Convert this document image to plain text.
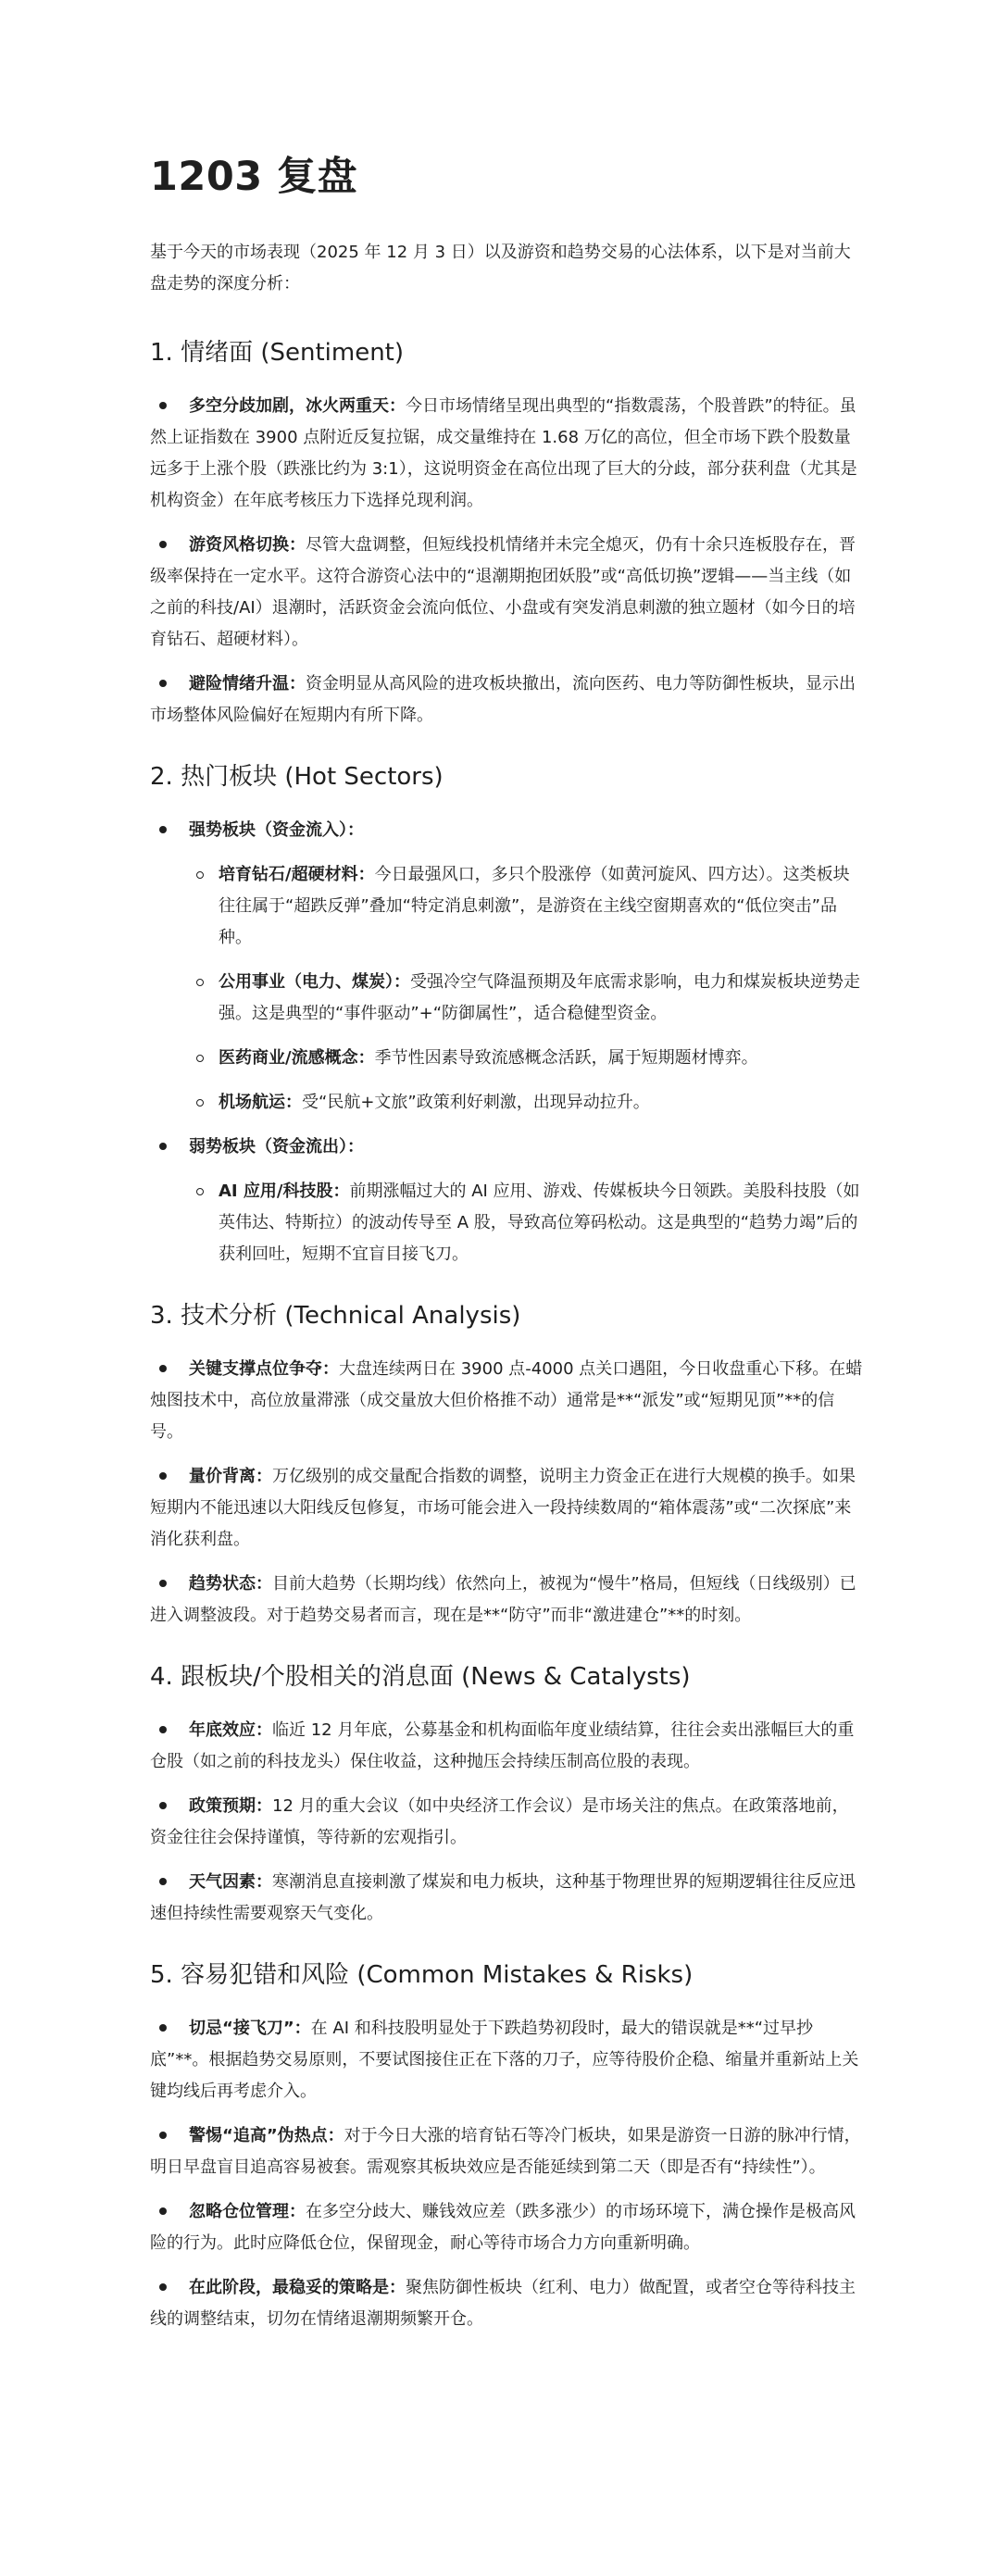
1203 复盘

基于今天的市场表现（2025 年 12 月 3 日）以及游资和趋势交易的心法体系，以下是对当前大盘走势的深度分析：

1. 情绪面 (Sentiment)
多空分歧加剧，冰火两重天：今日市场情绪呈现出典型的“指数震荡，个股普跌”的特征。虽然上证指数在 3900 点附近反复拉锯，成交量维持在 1.68 万亿的高位，但全市场下跌个股数量远多于上涨个股（跌涨比约为 3:1），这说明资金在高位出现了巨大的分歧，部分获利盘（尤其是机构资金）在年底考核压力下选择兑现利润。
游资风格切换：尽管大盘调整，但短线投机情绪并未完全熄灭，仍有十余只连板股存在，晋级率保持在一定水平。这符合游资心法中的“退潮期抱团妖股”或“高低切换”逻辑——当主线（如之前的科技/AI）退潮时，活跃资金会流向低位、小盘或有突发消息刺激的独立题材（如今日的培育钻石、超硬材料）。
避险情绪升温：资金明显从高风险的进攻板块撤出，流向医药、电力等防御性板块，显示出市场整体风险偏好在短期内有所下降。
2. 热门板块 (Hot Sectors)
强势板块（资金流入）：
培育钻石/超硬材料：今日最强风口，多只个股涨停（如黄河旋风、四方达）。这类板块往往属于“超跌反弹”叠加“特定消息刺激”，是游资在主线空窗期喜欢的“低位突击”品种。
公用事业（电力、煤炭）：受强冷空气降温预期及年底需求影响，电力和煤炭板块逆势走强。这是典型的“事件驱动”+“防御属性”，适合稳健型资金。
医药商业/流感概念：季节性因素导致流感概念活跃，属于短期题材博弈。
机场航运：受“民航+文旅”政策利好刺激，出现异动拉升。
弱势板块（资金流出）：
AI 应用/科技股：前期涨幅过大的 AI 应用、游戏、传媒板块今日领跌。美股科技股（如英伟达、特斯拉）的波动传导至 A 股，导致高位筹码松动。这是典型的“趋势力竭”后的获利回吐，短期不宜盲目接飞刀。
3. 技术分析 (Technical Analysis)
关键支撑点位争夺：大盘连续两日在 3900 点-4000 点关口遇阻，今日收盘重心下移。在蜡烛图技术中，高位放量滞涨（成交量放大但价格推不动）通常是**“派发”或“短期见顶”**的信号。
量价背离：万亿级别的成交量配合指数的调整，说明主力资金正在进行大规模的换手。如果短期内不能迅速以大阳线反包修复，市场可能会进入一段持续数周的“箱体震荡”或“二次探底”来消化获利盘。
趋势状态：目前大趋势（长期均线）依然向上，被视为“慢牛”格局，但短线（日线级别）已进入调整波段。对于趋势交易者而言，现在是**“防守”而非“激进建仓”**的时刻。
4. 跟板块/个股相关的消息面 (News & Catalysts)
年底效应：临近 12 月年底，公募基金和机构面临年度业绩结算，往往会卖出涨幅巨大的重仓股（如之前的科技龙头）保住收益，这种抛压会持续压制高位股的表现。
政策预期：12 月的重大会议（如中央经济工作会议）是市场关注的焦点。在政策落地前，资金往往会保持谨慎，等待新的宏观指引。
天气因素：寒潮消息直接刺激了煤炭和电力板块，这种基于物理世界的短期逻辑往往反应迅速但持续性需要观察天气变化。
5. 容易犯错和风险 (Common Mistakes & Risks)
切忌“接飞刀”：在 AI 和科技股明显处于下跌趋势初段时，最大的错误就是**“过早抄底”**。根据趋势交易原则，不要试图接住正在下落的刀子，应等待股价企稳、缩量并重新站上关键均线后再考虑介入。
警惕“追高”伪热点：对于今日大涨的培育钻石等冷门板块，如果是游资一日游的脉冲行情，明日早盘盲目追高容易被套。需观察其板块效应是否能延续到第二天（即是否有“持续性”）。
忽略仓位管理：在多空分歧大、赚钱效应差（跌多涨少）的市场环境下，满仓操作是极高风险的行为。此时应降低仓位，保留现金，耐心等待市场合力方向重新明确。
在此阶段，最稳妥的策略是：聚焦防御性板块（红利、电力）做配置，或者空仓等待科技主线的调整结束，切勿在情绪退潮期频繁开仓。
